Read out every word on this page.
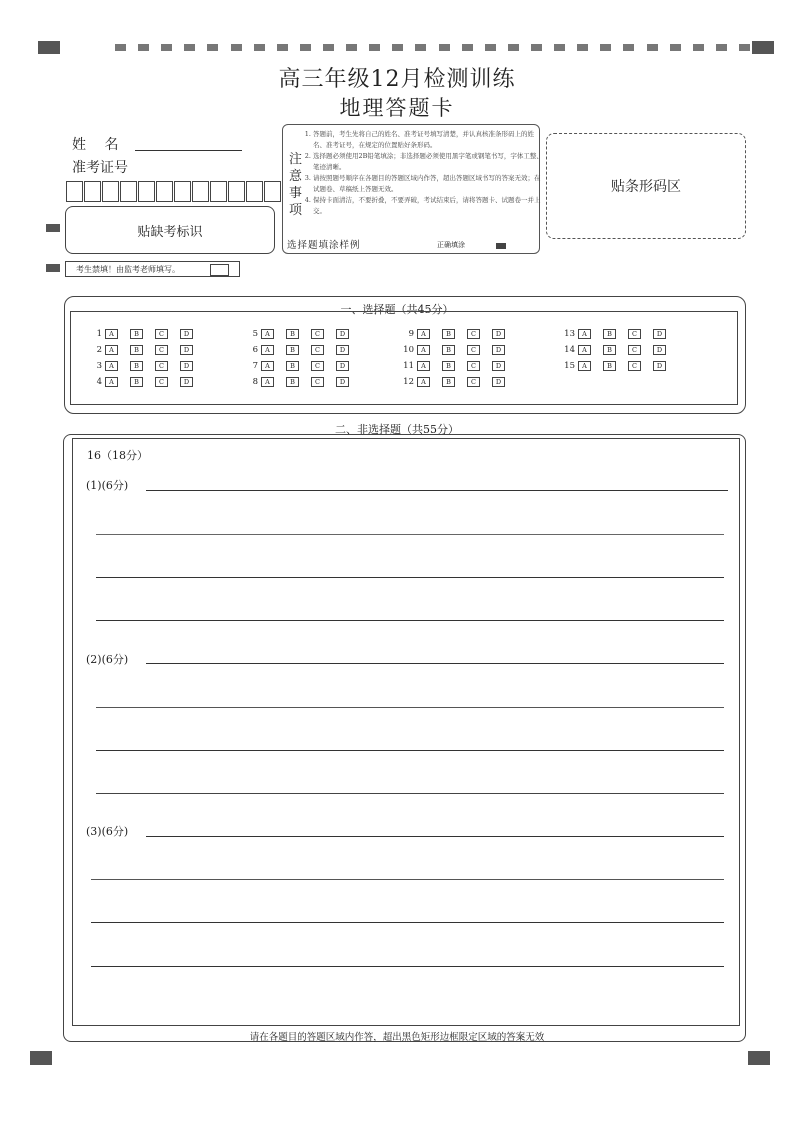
高三年级12月检测训练
地理答题卡
姓　 名
准考证号
贴缺考标识
考生禁填！由监考老师填写。
注意事项
1. 答题前，考生先将自己的姓名、准考证号填写清楚，并认真核准条形码上的姓名、准考证号，在规定的位置贴好条形码。
2. 选择题必须使用2B铅笔填涂；非选择题必须使用黑字笔或钢笔书写，字体工整、笔迹清晰。
3. 请按照题号顺序在各题目的答题区域内作答，超出答题区域书写的答案无效；在试题卷、草稿纸上答题无效。
4. 保持卡面清洁，不要折叠，不要弄破，考试结束后，请将答题卡、试题卷一并上交。
选择题填涂样例	正确填涂
贴条形码区
一、选择题（共45分）
1	A	B	C	D
2	A	B	C	D
3	A	B	C	D
4	A	B	C	D
5	A	B	C	D
6	A	B	C	D
7	A	B	C	D
8	A	B	C	D
9	A	B	C	D
10	A	B	C	D
11	A	B	C	D
12	A	B	C	D
13	A	B	C	D
14	A	B	C	D
15	A	B	C	D
二、非选择题（共55分）
16（18分）
(1)(6分)
(2)(6分)
(3)(6分)
请在各题目的答题区域内作答，超出黑色矩形边框限定区域的答案无效
